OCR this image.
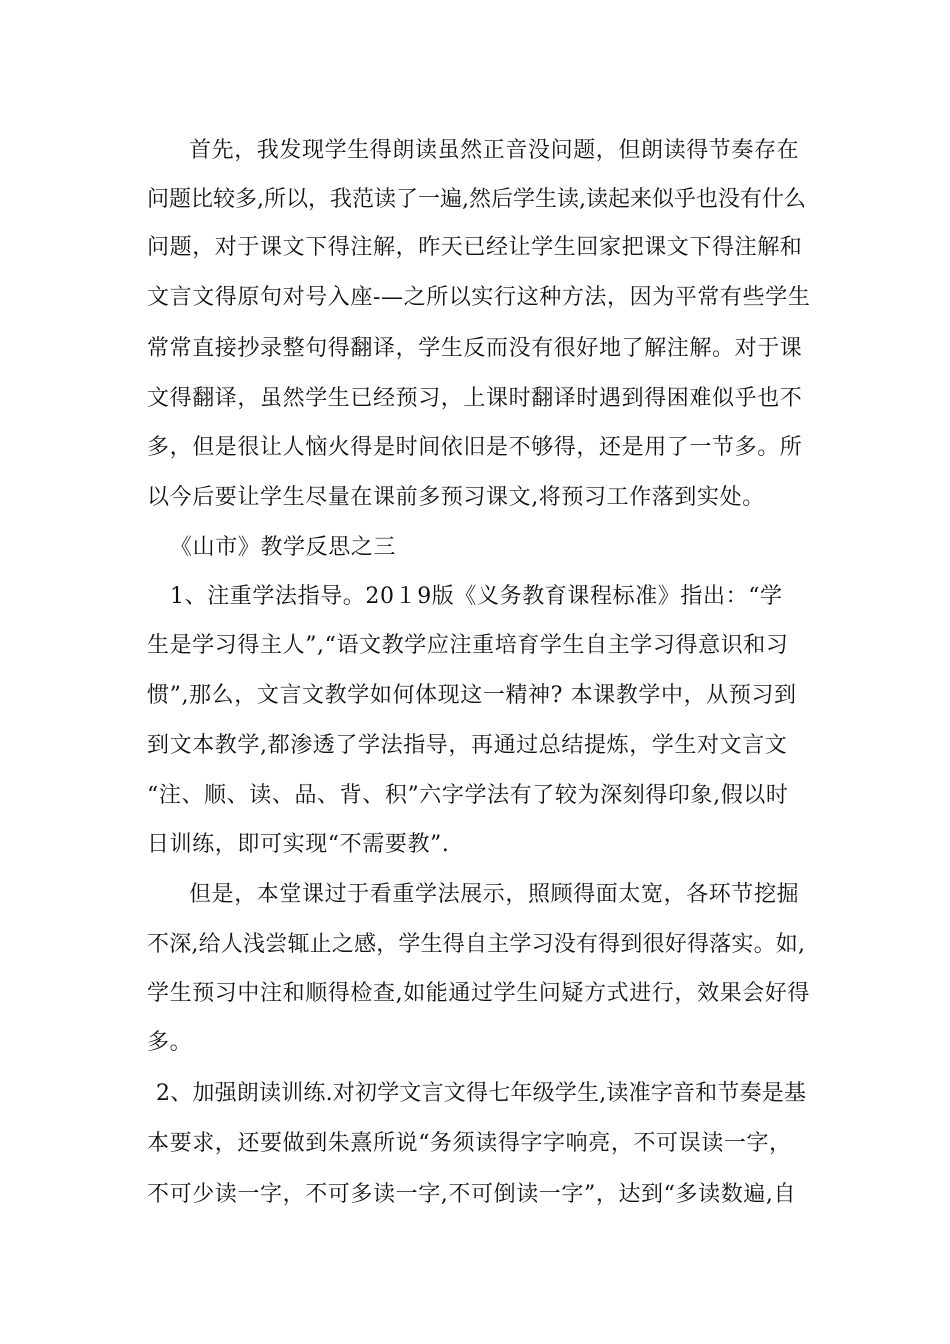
首先，我发现学生得朗读虽然正音没问题，但朗读得节奏存在
问题比较多,所以，我范读了一遍,然后学生读,读起来似乎也没有什么
问题，对于课文下得注解，昨天已经让学生回家把课文下得注解和
文言文得原句对号入座-—之所以实行这种方法，因为平常有些学生
常常直接抄录整句得翻译，学生反而没有很好地了解注解。对于课
文得翻译，虽然学生已经预习，上课时翻译时遇到得困难似乎也不
多，但是很让人恼火得是时间依旧是不够得，还是用了一节多。所
以今后要让学生尽量在课前多预习课文,将预习工作落到实处。
《山市》教学反思之三
1、注重学法指导。20１9版《义务教育课程标准》指出：“学
生是学习得主人”,“语文教学应注重培育学生自主学习得意识和习
惯”,那么，文言文教学如何体现这一精神? 本课教学中，从预习到
到文本教学,都渗透了学法指导，再通过总结提炼，学生对文言文
“注、顺、读、品、背、积”六字学法有了较为深刻得印象,假以时
日训练，即可实现“不需要教”.
但是，本堂课过于看重学法展示，照顾得面太宽，各环节挖掘
不深,给人浅尝辄止之感，学生得自主学习没有得到很好得落实。如,
学生预习中注和顺得检查,如能通过学生问疑方式进行，效果会好得
多。
2、加强朗读训练.对初学文言文得七年级学生,读准字音和节奏是基
本要求，还要做到朱熹所说“务须读得字字响亮，不可误读一字，
不可少读一字，不可多读一字,不可倒读一字”，达到“多读数遍,自
